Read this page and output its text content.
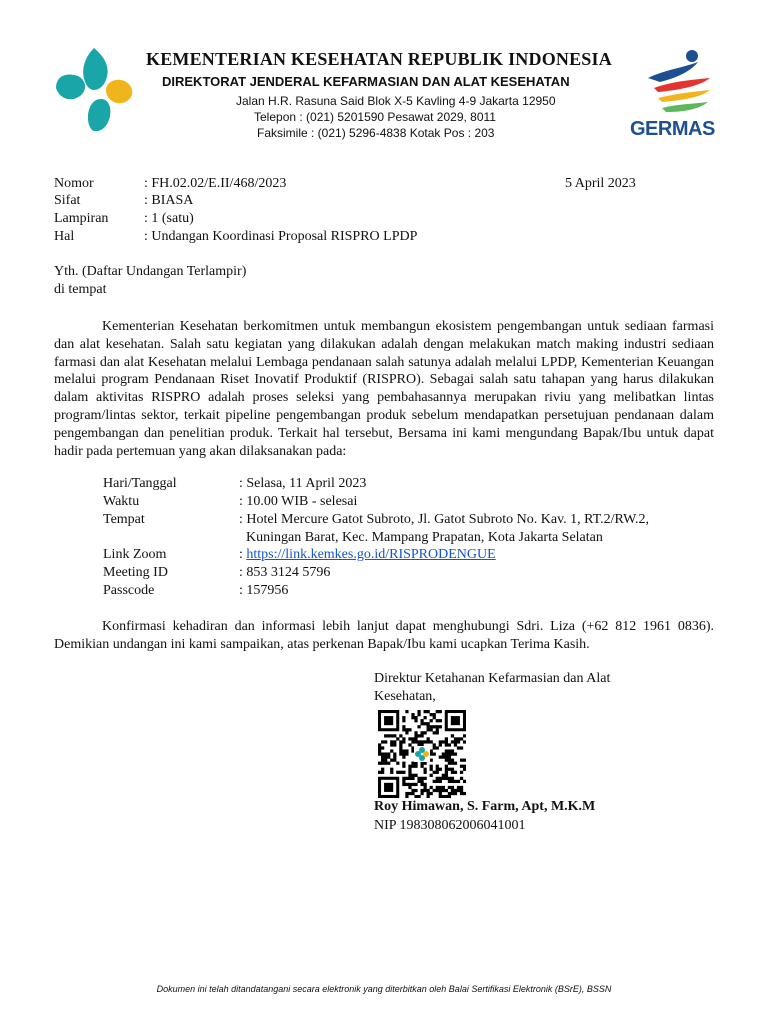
KEMENTERIAN KESEHATAN REPUBLIK INDONESIA
DIREKTORAT JENDERAL KEFARMASIAN DAN ALAT KESEHATAN
Jalan H.R. Rasuna Said Blok X-5 Kavling 4-9 Jakarta 12950
Telepon : (021) 5201590 Pesawat 2029, 8011
Faksimile : (021) 5296-4838 Kotak Pos : 203	GERMAS
Nomor	: FH.02.02/E.II/468/2023	5 April 2023
Sifat	: BIASA
Lampiran	: 1 (satu)
Hal	: Undangan Koordinasi Proposal RISPRO LPDP
Yth. (Daftar Undangan Terlampir)
di tempat

Kementerian Kesehatan berkomitmen untuk membangun ekosistem pengembangan untuk sediaan farmasi dan alat kesehatan. Salah satu kegiatan yang dilakukan adalah dengan melakukan match making industri sediaan farmasi dan alat Kesehatan melalui Lembaga pendanaan salah satunya adalah melalui LPDP, Kementerian Keuangan melalui program Pendanaan Riset Inovatif Produktif (RISPRO). Sebagai salah satu tahapan yang harus dilakukan dalam aktivitas RISPRO adalah proses seleksi yang pembahasannya merupakan riviu yang melibatkan lintas program/lintas sektor, terkait pipeline pengembangan produk sebelum mendapatkan persetujuan pendanaan dalam pengembangan dan penelitian produk. Terkait hal tersebut, Bersama ini kami mengundang Bapak/Ibu untuk dapat hadir pada pertemuan yang akan dilaksanakan pada:

Hari/Tanggal	: Selasa, 11 April 2023
Waktu	: 10.00 WIB - selesai
Tempat	: Hotel Mercure Gatot Subroto, Jl. Gatot Subroto No. Kav. 1, RT.2/RW.2,
Kuningan Barat, Kec. Mampang Prapatan, Kota Jakarta Selatan
Link Zoom	: https://link.kemkes.go.id/RISPRODENGUE
Meeting ID	: 853 3124 5796
Passcode	: 157956

Konfirmasi kehadiran dan informasi lebih lanjut dapat menghubungi Sdri. Liza (+62 812 1961 0836). Demikian undangan ini kami sampaikan, atas perkenan Bapak/Ibu kami ucapkan Terima Kasih.

Direktur Ketahanan Kefarmasian dan Alat
Kesehatan,
Roy Himawan, S. Farm, Apt, M.K.M
NIP 198308062006041001
Dokumen ini telah ditandatangani secara elektronik yang diterbitkan oleh Balai Sertifikasi Elektronik (BSrE), BSSN
